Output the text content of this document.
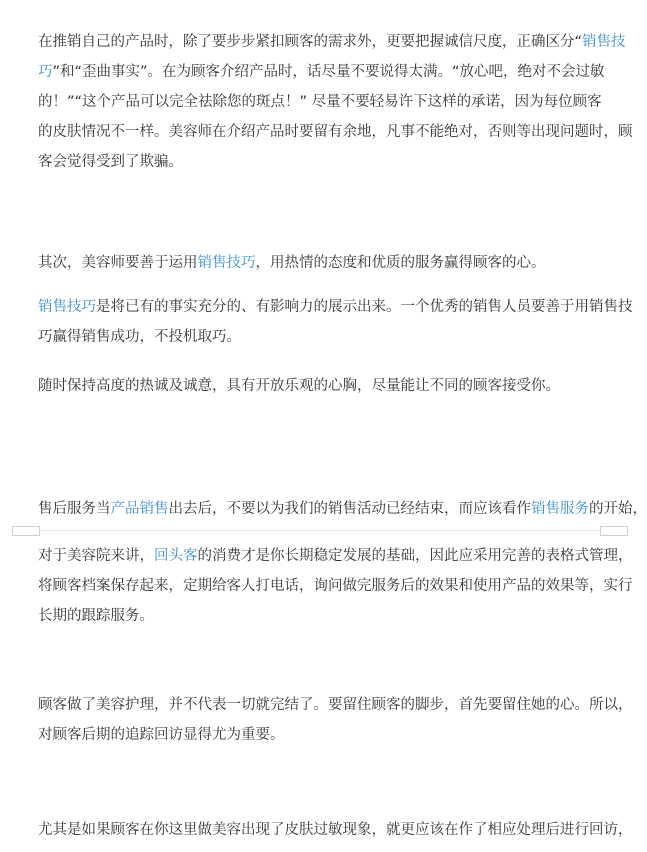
在推销自己的产品时，除了要步步紧扣顾客的需求外，更要把握诚信尺度，正确区分“销售技
巧”和“歪曲事实”。在为顾客介绍产品时，话尽量不要说得太满。“放心吧，绝对不会过敏
的！”“这个产品可以完全祛除您的斑点！” 尽量不要轻易许下这样的承诺，因为每位顾客
的皮肤情况不一样。美容师在介绍产品时要留有余地，凡事不能绝对，否则等出现问题时，顾
客会觉得受到了欺骗。
其次，美容师要善于运用销售技巧，用热情的态度和优质的服务赢得顾客的心。
销售技巧是将已有的事实充分的、有影响力的展示出来。一个优秀的销售人员要善于用销售技
巧赢得销售成功，不投机取巧。
随时保持高度的热诚及诚意，具有开放乐观的心胸，尽量能让不同的顾客接受你。
售后服务当产品销售出去后，不要以为我们的销售活动已经结束，而应该看作销售服务的开始，
对于美容院来讲，回头客的消费才是你长期稳定发展的基础，因此应采用完善的表格式管理，
将顾客档案保存起来，定期给客人打电话，询问做完服务后的效果和使用产品的效果等，实行
长期的跟踪服务。
顾客做了美容护理，并不代表一切就完结了。要留住顾客的脚步，首先要留住她的心。所以，
对顾客后期的追踪回访显得尤为重要。
尤其是如果顾客在你这里做美容出现了皮肤过敏现象，就更应该在作了相应处理后进行回访，
